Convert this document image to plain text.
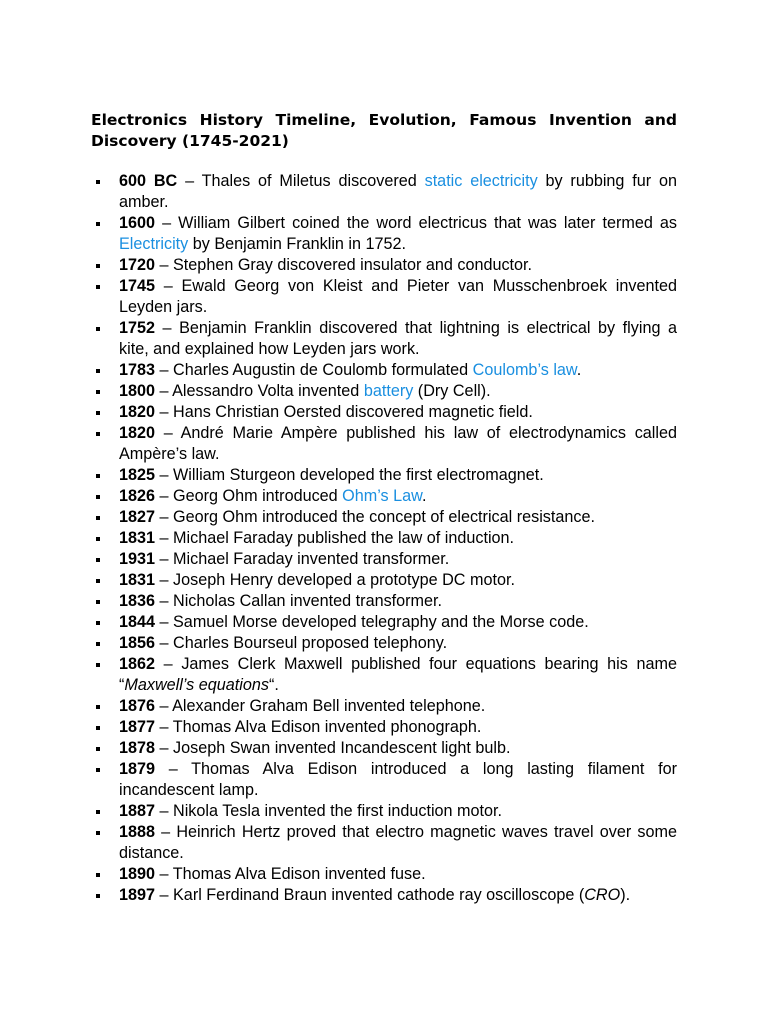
Electronics History Timeline, Evolution, Famous Invention and Discovery (1745-2021)
600 BC – Thales of Miletus discovered static electricity by rubbing fur on amber.
1600 – William Gilbert coined the word electricus that was later termed as Electricity by Benjamin Franklin in 1752.
1720 – Stephen Gray discovered insulator and conductor.
1745 – Ewald Georg von Kleist and Pieter van Musschenbroek invented Leyden jars.
1752 – Benjamin Franklin discovered that lightning is electrical by flying a kite, and explained how Leyden jars work.
1783 – Charles Augustin de Coulomb formulated Coulomb’s law.
1800 – Alessandro Volta invented battery (Dry Cell).
1820 – Hans Christian Oersted discovered magnetic field.
1820 – André Marie Ampère published his law of electrodynamics called Ampère’s law.
1825 – William Sturgeon developed the first electromagnet.
1826 – Georg Ohm introduced Ohm’s Law.
1827 – Georg Ohm introduced the concept of electrical resistance.
1831 – Michael Faraday published the law of induction.
1931 – Michael Faraday invented transformer.
1831 – Joseph Henry developed a prototype DC motor.
1836 – Nicholas Callan invented transformer.
1844 – Samuel Morse developed telegraphy and the Morse code.
1856 – Charles Bourseul proposed telephony.
1862 – James Clerk Maxwell published four equations bearing his name “Maxwell’s equations“.
1876 – Alexander Graham Bell invented telephone.
1877 – Thomas Alva Edison invented phonograph.
1878 – Joseph Swan invented Incandescent light bulb.
1879 – Thomas Alva Edison introduced a long lasting filament for incandescent lamp.
1887 – Nikola Tesla invented the first induction motor.
1888 – Heinrich Hertz proved that electro magnetic waves travel over some distance.
1890 – Thomas Alva Edison invented fuse.
1897 – Karl Ferdinand Braun invented cathode ray oscilloscope (CRO).
